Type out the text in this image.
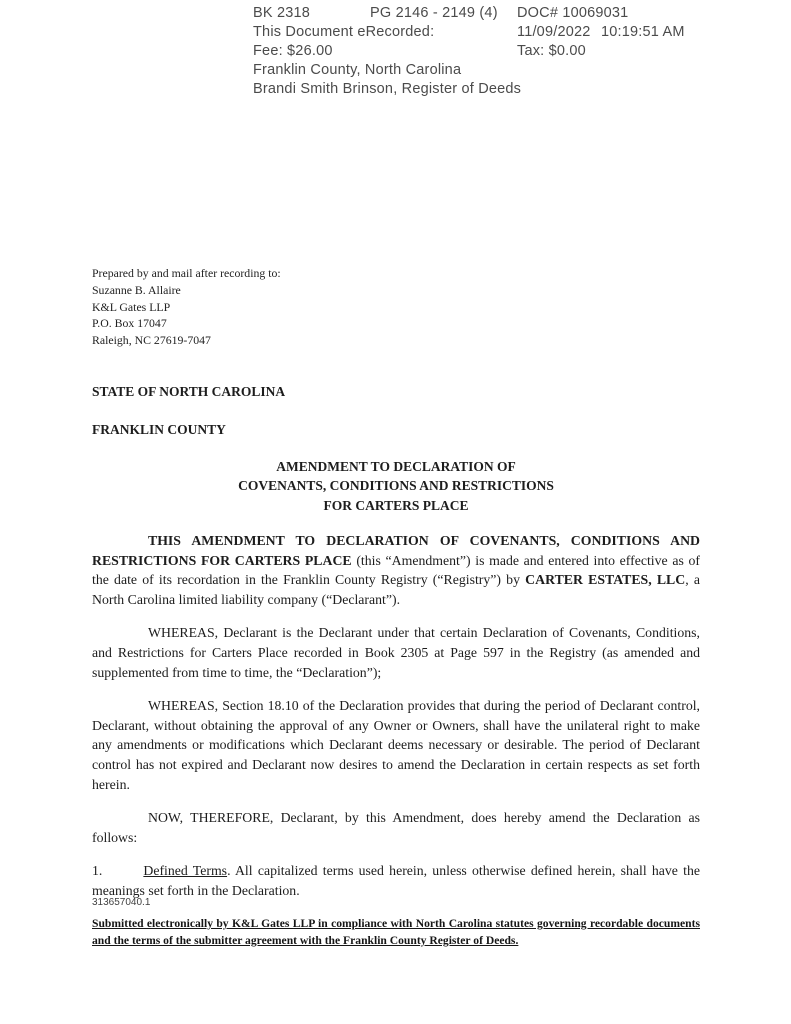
BK 2318	PG 2146 - 2149 (4)	DOC# 10069031
This Document eRecorded:	11/09/2022 10:19:51 AM
Fee: $26.00	Tax: $0.00
Franklin County, North Carolina
Brandi Smith Brinson, Register of Deeds
Prepared by and mail after recording to:
Suzanne B. Allaire
K&L Gates LLP
P.O. Box 17047
Raleigh, NC 27619-7047

STATE OF NORTH CAROLINA

FRANKLIN COUNTY

AMENDMENT TO DECLARATION OF
COVENANTS, CONDITIONS AND RESTRICTIONS
FOR CARTERS PLACE

THIS AMENDMENT TO DECLARATION OF COVENANTS, CONDITIONS AND RESTRICTIONS FOR CARTERS PLACE (this “Amendment”) is made and entered into effective as of the date of its recordation in the Franklin County Registry (“Registry”) by CARTER ESTATES, LLC, a North Carolina limited liability company (“Declarant”).

WHEREAS, Declarant is the Declarant under that certain Declaration of Covenants, Conditions, and Restrictions for Carters Place recorded in Book 2305 at Page 597 in the Registry (as amended and supplemented from time to time, the “Declaration”);

WHEREAS, Section 18.10 of the Declaration provides that during the period of Declarant control, Declarant, without obtaining the approval of any Owner or Owners, shall have the unilateral right to make any amendments or modifications which Declarant deems necessary or desirable. The period of Declarant control has not expired and Declarant now desires to amend the Declaration in certain respects as set forth herein.

NOW, THEREFORE, Declarant, by this Amendment, does hereby amend the Declaration as follows:

1.	Defined Terms. All capitalized terms used herein, unless otherwise defined herein, shall have the meanings set forth in the Declaration.

313657040.1

Submitted electronically by K&L Gates LLP in compliance with North Carolina statutes governing recordable documents and the terms of the submitter agreement with the Franklin County Register of Deeds.
